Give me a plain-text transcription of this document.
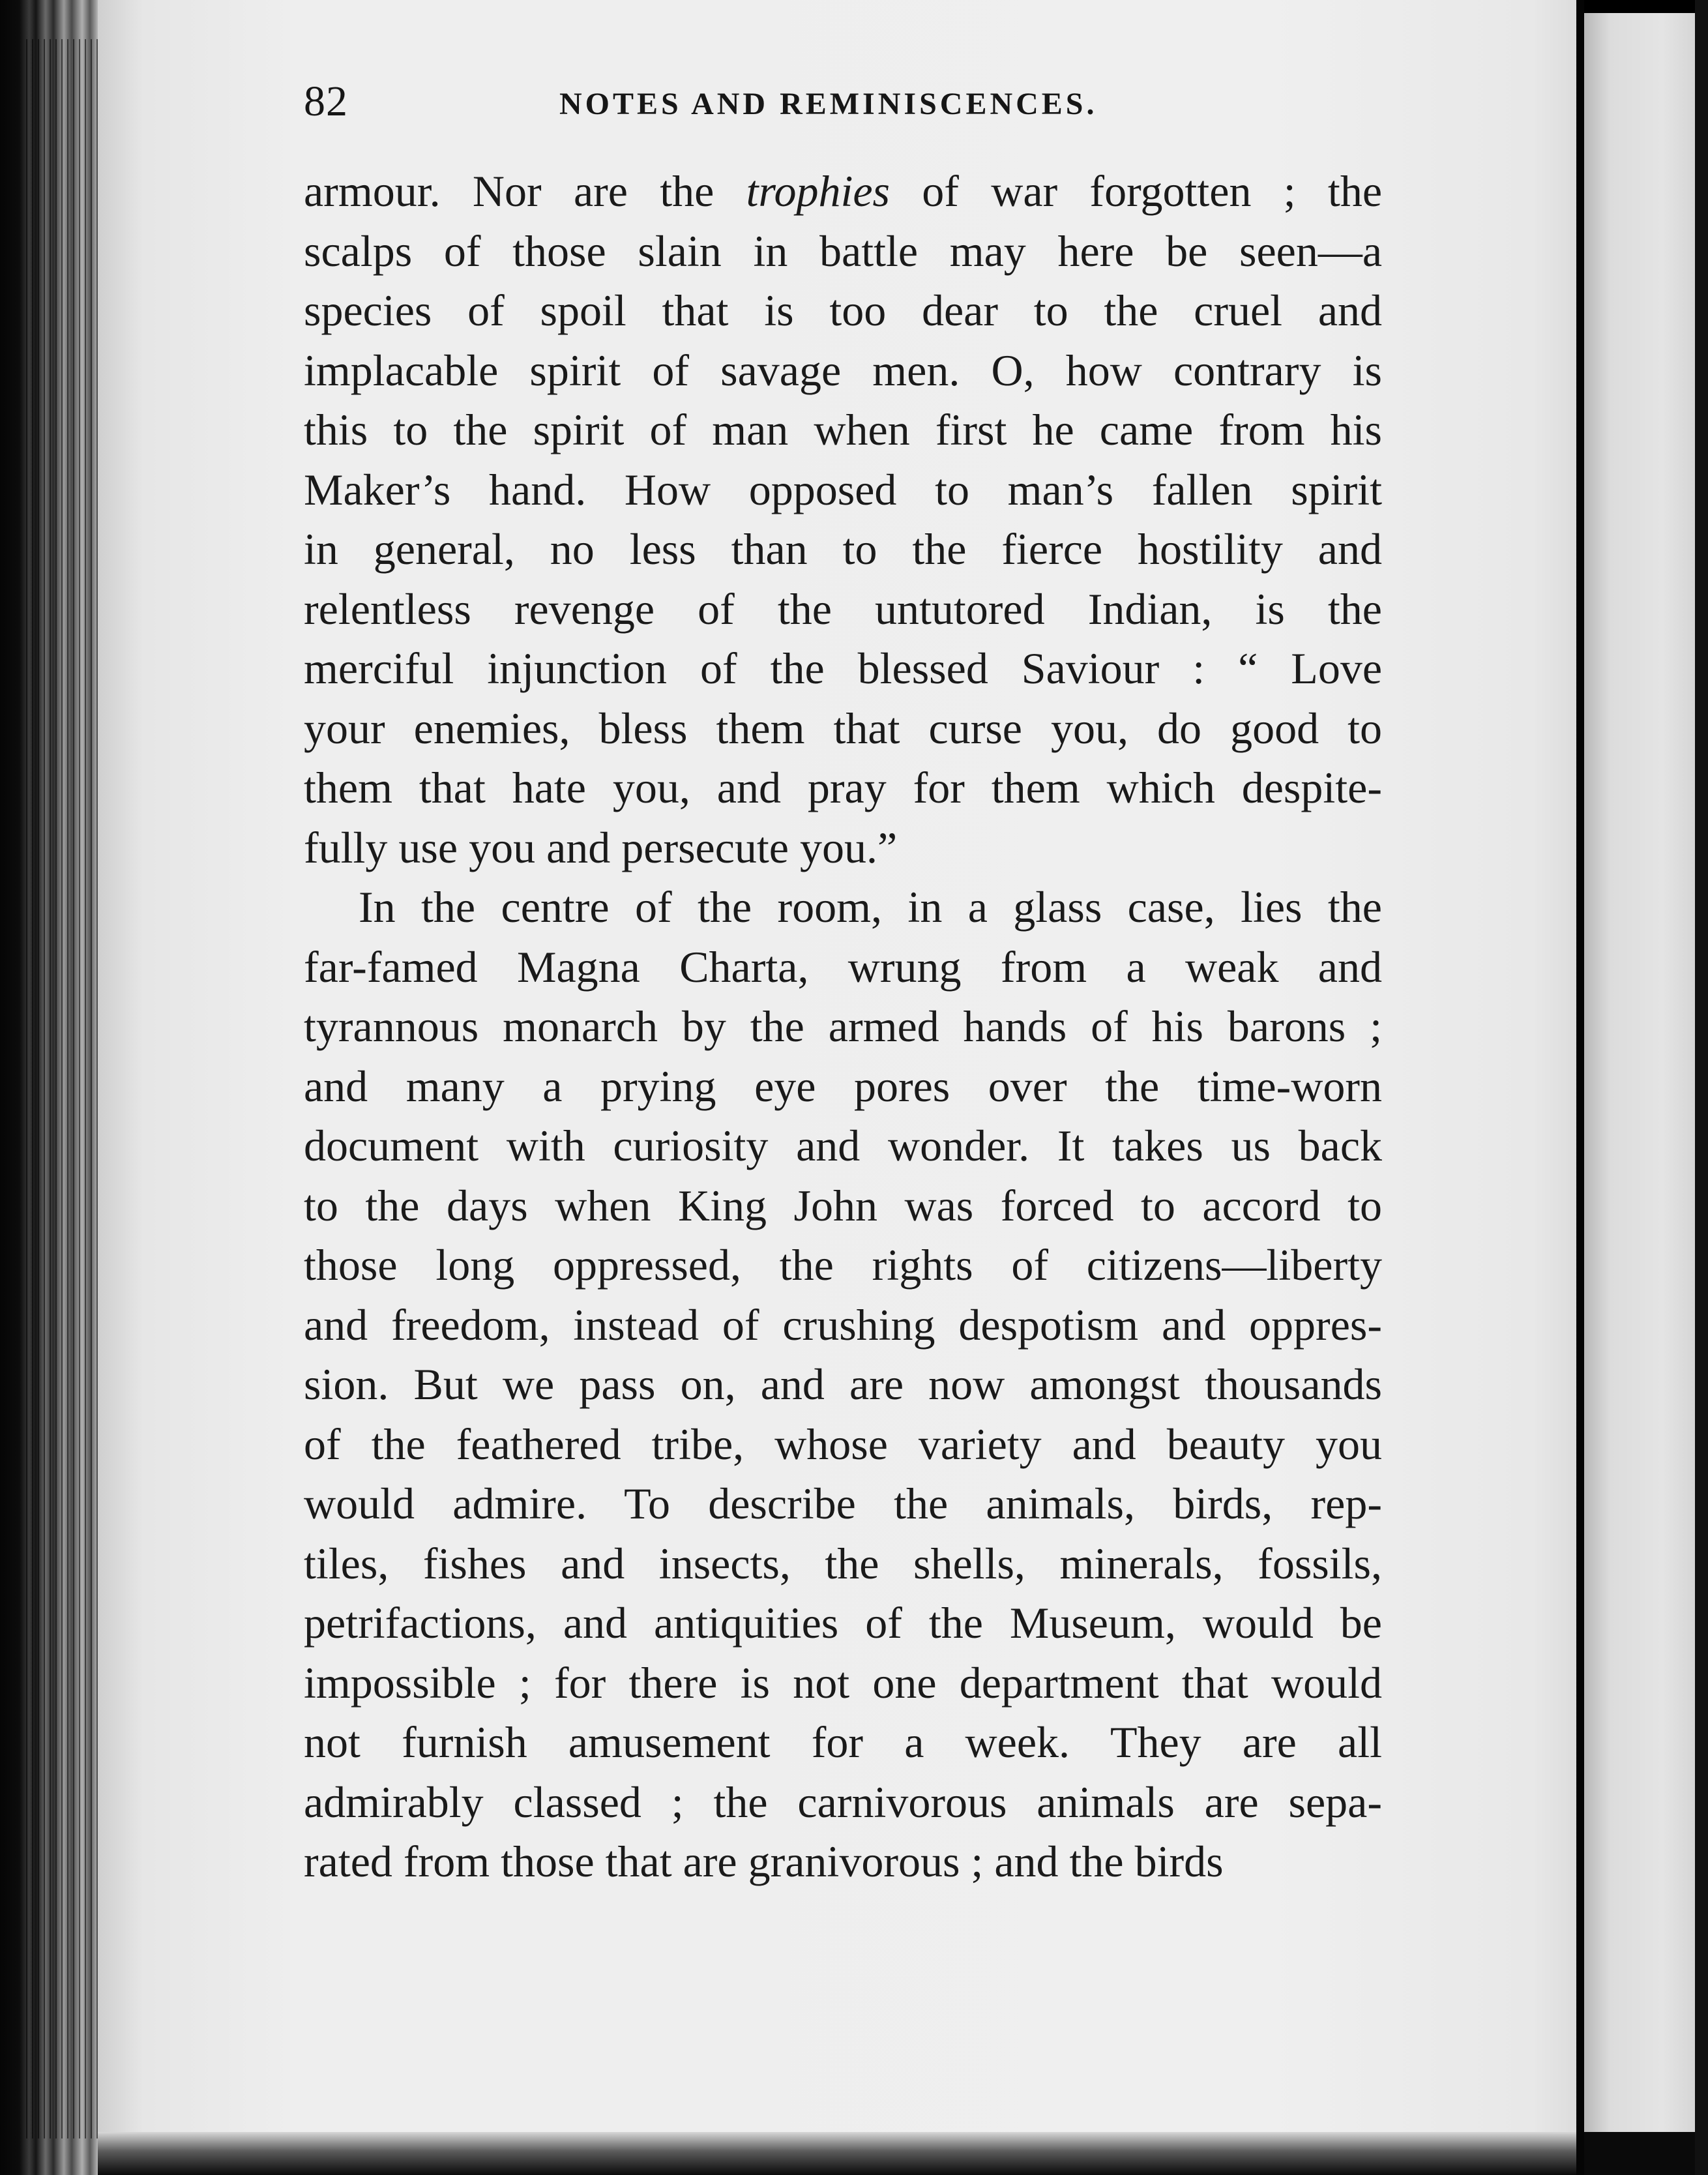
82	NOTES AND REMINISCENCES.
armour. Nor are the trophies of war forgotten ; the
scalps of those slain in battle may here be seen—a
species of spoil that is too dear to the cruel and
implacable spirit of savage men. O, how contrary is
this to the spirit of man when first he came from his
Maker’s hand. How opposed to man’s fallen spirit
in general, no less than to the fierce hostility and
relentless revenge of the untutored Indian, is the
merciful injunction of the blessed Saviour : “ Love
your enemies, bless them that curse you, do good to
them that hate you, and pray for them which despite-
fully use you and persecute you.”
In the centre of the room, in a glass case, lies the
far-famed Magna Charta, wrung from a weak and
tyrannous monarch by the armed hands of his barons ;
and many a prying eye pores over the time-worn
document with curiosity and wonder. It takes us back
to the days when King John was forced to accord to
those long oppressed, the rights of citizens—liberty
and freedom, instead of crushing despotism and oppres-
sion. But we pass on, and are now amongst thousands
of the feathered tribe, whose variety and beauty you
would admire. To describe the animals, birds, rep-
tiles, fishes and insects, the shells, minerals, fossils,
petrifactions, and antiquities of the Museum, would be
impossible ; for there is not one department that would
not furnish amusement for a week. They are all
admirably classed ; the carnivorous animals are sepa-
rated from those that are granivorous ; and the birds
